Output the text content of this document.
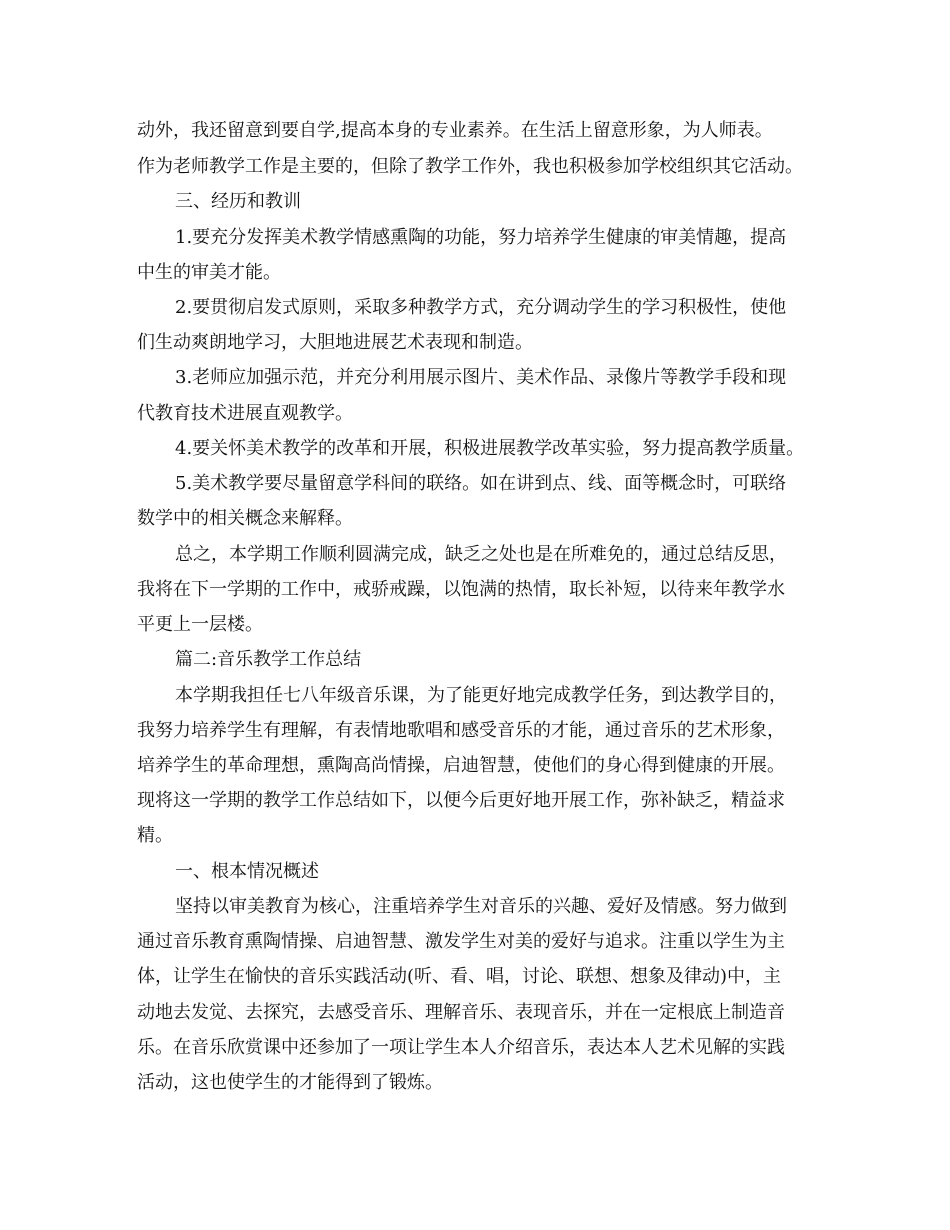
动外，我还留意到要自学,提高本身的专业素养。在生活上留意形象，为人师表。
作为老师教学工作是主要的，但除了教学工作外，我也积极参加学校组织其它活动。
三、经历和教训
1.要充分发挥美术教学情感熏陶的功能，努力培养学生健康的审美情趣，提高
中生的审美才能。
2.要贯彻启发式原则，采取多种教学方式，充分调动学生的学习积极性，使他
们生动爽朗地学习，大胆地进展艺术表现和制造。
3.老师应加强示范，并充分利用展示图片、美术作品、录像片等教学手段和现
代教育技术进展直观教学。
4.要关怀美术教学的改革和开展，积极进展教学改革实验，努力提高教学质量。
5.美术教学要尽量留意学科间的联络。如在讲到点、线、面等概念时，可联络
数学中的相关概念来解释。
总之，本学期工作顺利圆满完成，缺乏之处也是在所难免的，通过总结反思，
我将在下一学期的工作中，戒骄戒躁，以饱满的热情，取长补短，以待来年教学水
平更上一层楼。
篇二:音乐教学工作总结
本学期我担任七八年级音乐课，为了能更好地完成教学任务，到达教学目的，
我努力培养学生有理解，有表情地歌唱和感受音乐的才能，通过音乐的艺术形象，
培养学生的革命理想，熏陶高尚情操，启迪智慧，使他们的身心得到健康的开展。
现将这一学期的教学工作总结如下，以便今后更好地开展工作，弥补缺乏，精益求
精。
一、根本情况概述
坚持以审美教育为核心，注重培养学生对音乐的兴趣、爱好及情感。努力做到
通过音乐教育熏陶情操、启迪智慧、激发学生对美的爱好与追求。注重以学生为主
体，让学生在愉快的音乐实践活动(听、看、唱，讨论、联想、想象及律动)中，主
动地去发觉、去探究，去感受音乐、理解音乐、表现音乐，并在一定根底上制造音
乐。在音乐欣赏课中还参加了一项让学生本人介绍音乐，表达本人艺术见解的实践
活动，这也使学生的才能得到了锻炼。
